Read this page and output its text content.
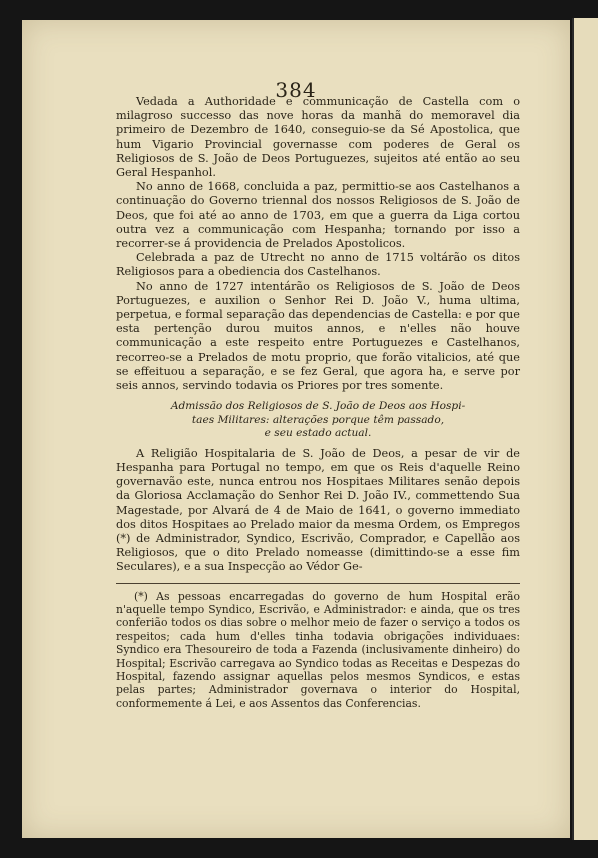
384

Vedada a Authoridade e communicação de Castella com o milagroso successo das nove horas da manhã do memoravel dia primeiro de Dezembro de 1640, conseguio-se da Sé Apostolica, que hum Vigario Provincial governasse com poderes de Geral os Religiosos de S. João de Deos Portuguezes, sujeitos até então ao seu Geral Hespanhol.

No anno de 1668, concluida a paz, permittio-se aos Castelhanos a continuação do Governo triennal dos nossos Religiosos de S. João de Deos, que foi até ao anno de 1703, em que a guerra da Liga cortou outra vez a communicação com Hespanha; tornando por isso a recorrer-se á providencia de Prelados Apostolicos.

Celebrada a paz de Utrecht no anno de 1715 voltárão os ditos Religiosos para a obediencia dos Castelhanos.

No anno de 1727 intentárão os Religiosos de S. João de Deos Portuguezes, e auxilion o Senhor Rei D. João V., huma ultima, perpetua, e formal separação das dependencias de Castella: e por que esta pertenção durou muitos annos, e n'elles não houve communicação a este respeito entre Portuguezes e Castelhanos, recorreo-se a Prelados de motu proprio, que forão vitalicios, até que se effeituou a separação, e se fez Geral, que agora ha, e serve por seis annos, servindo todavia os Priores por tres somente.

Admissão dos Religiosos de S. João de Deos aos Hospi-
taes Militares: alterações porque têm passado,
e seu estado actual.

A Religião Hospitalaria de S. João de Deos, a pesar de vir de Hespanha para Portugal no tempo, em que os Reis d'aquelle Reino governavão este, nunca entrou nos Hospitaes Militares senão depois da Gloriosa Acclamação do Senhor Rei D. João IV., commettendo Sua Magestade, por Alvará de 4 de Maio de 1641, o governo immediato dos ditos Hospitaes ao Prelado maior da mesma Ordem, os Empregos (*) de Administrador, Syndico, Escrivão, Comprador, e Capellão aos Religiosos, que o dito Prelado nomeasse (dimittindo-se a esse fim Seculares), e a sua Inspecção ao Védor Ge-

(*) As pessoas encarregadas do governo de hum Hospital erão n'aquelle tempo Syndico, Escrivão, e Administrador: e ainda, que os tres conferião todos os dias sobre o melhor meio de fazer o serviço a todos os respeitos; cada hum d'elles tinha todavia obrigações individuaes: Syndico era Thesoureiro de toda a Fazenda (inclusivamente dinheiro) do Hospital; Escrivão carregava ao Syndico todas as Receitas e Despezas do Hospital, fazendo assignar aquellas pelos mesmos Syndicos, e estas pelas partes; Administrador governava o interior do Hospital, conformemente á Lei, e aos Assentos das Conferencias.
